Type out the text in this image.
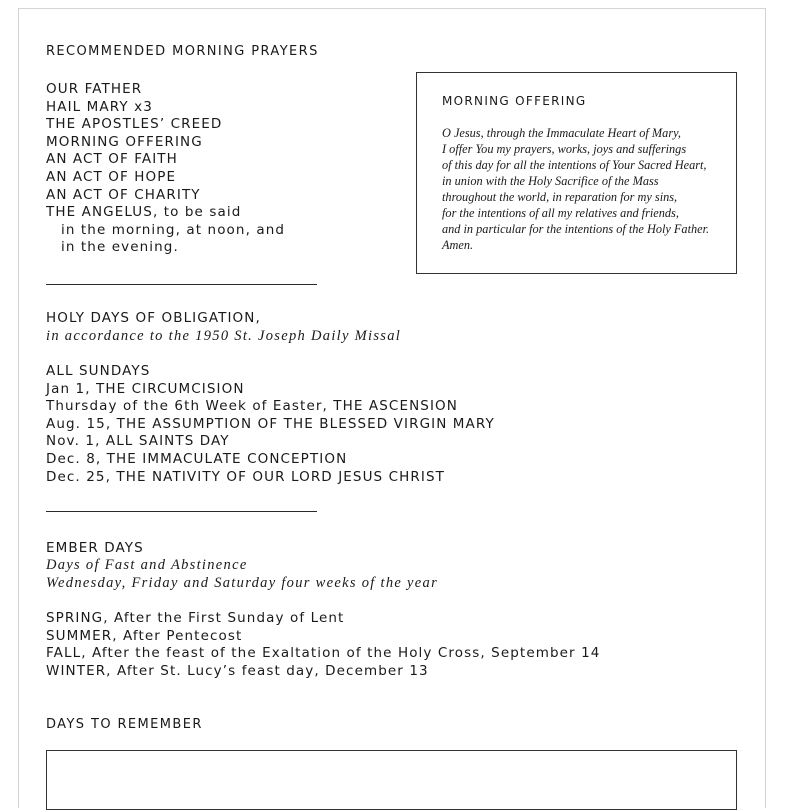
RECOMMENDED MORNING PRAYERS
OUR FATHER
HAIL MARY x3
THE APOSTLES’ CREED
MORNING OFFERING
AN ACT OF FAITH
AN ACT OF HOPE
AN ACT OF CHARITY
THE ANGELUS, to be said
in the morning, at noon, and
in the evening.
MORNING OFFERING
O Jesus, through the Immaculate Heart of Mary,
I offer You my prayers, works, joys and sufferings
of this day for all the intentions of Your Sacred Heart,
in union with the Holy Sacrifice of the Mass
throughout the world, in reparation for my sins,
for the intentions of all my relatives and friends,
and in particular for the intentions of the Holy Father.
Amen.
HOLY DAYS OF OBLIGATION,
in accordance to the 1950 St. Joseph Daily Missal
ALL SUNDAYS
Jan 1, THE CIRCUMCISION
Thursday of the 6th Week of Easter, THE ASCENSION
Aug. 15, THE ASSUMPTION OF THE BLESSED VIRGIN MARY
Nov. 1, ALL SAINTS DAY
Dec. 8, THE IMMACULATE CONCEPTION
Dec. 25, THE NATIVITY OF OUR LORD JESUS CHRIST
EMBER DAYS
Days of Fast and Abstinence
Wednesday, Friday and Saturday four weeks of the year
SPRING, After the First Sunday of Lent
SUMMER, After Pentecost
FALL, After the feast of the Exaltation of the Holy Cross, September 14
WINTER, After St. Lucy’s feast day, December 13
DAYS TO REMEMBER
